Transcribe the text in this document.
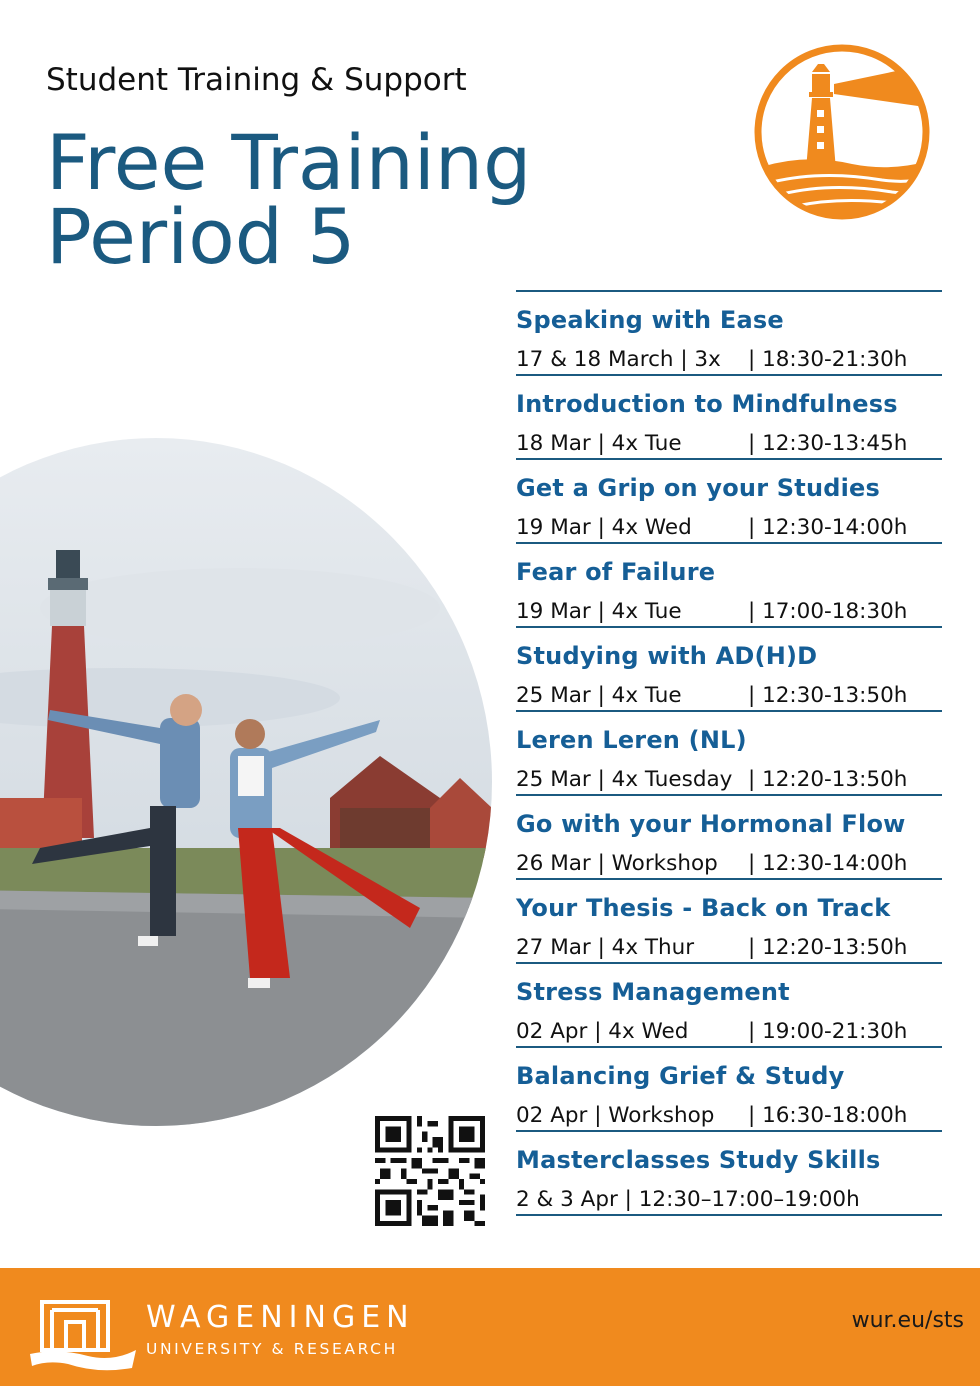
Student Training & Support
Free Training
Period 5
Speaking with Ease
17 & 18 March | 3x | 18:30-21:30h
Introduction to Mindfulness
18 Mar | 4x Tue	| 12:30-13:45h
Get a Grip on your Studies
19 Mar | 4x Wed	| 12:30-14:00h
Fear of Failure
19 Mar | 4x Tue	| 17:00-18:30h
Studying with AD(H)D
25 Mar | 4x Tue	| 12:30-13:50h
Leren Leren (NL)
25 Mar | 4x Tuesday | 12:20-13:50h
Go with your Hormonal Flow
26 Mar | Workshop | 12:30-14:00h
Your Thesis - Back on Track
27 Mar | 4x Thur	| 12:20-13:50h
Stress Management
02 Apr | 4x Wed	| 19:00-21:30h
Balancing Grief & Study
02 Apr | Workshop | 16:30-18:00h
Masterclasses Study Skills
2 & 3 Apr | 12:30–17:00–19:00h
WAGENINGEN
UNIVERSITY & RESEARCH
wur.eu/sts
